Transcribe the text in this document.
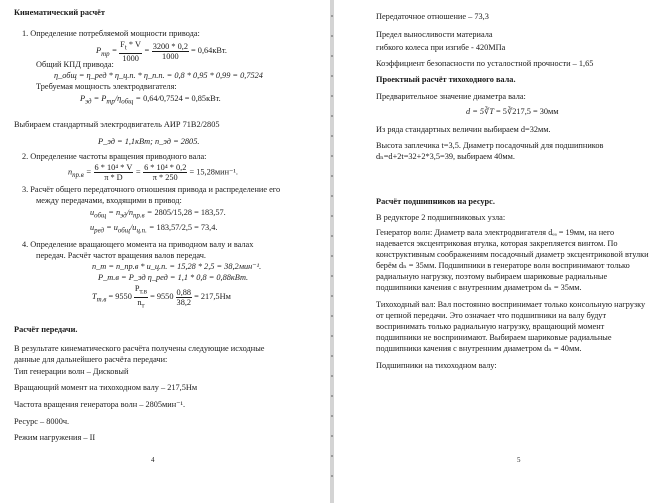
Кинематический расчёт
1. Определение потребляемой мощности привода:
$P_{тр} = \frac{F_t * V}{1000} = \frac{3200 * 0,2}{1000} = 0,64кВт$.
Общий КПД привода:
η_общ = η_ред * η_ц.п. * η_п.п. = 0,8 * 0,95 * 0,99 = 0,7524
Требуемая мощность электродвигателя:
$P_{эд} = P_{тр}/\eta_{общ} = 0,64/0,7524 = 0,85кВт$.
Выбираем стандартный электродвигатель АИР 71В2/2805
P_эд = 1,1кВт; n_эд = 2805.
2. Определение частоты вращения приводного вала:
$n_{пр.в} = \frac{\text{6 * 10⁴ * V}}{\pi * D} = \frac{\text{6 * 10⁴ * 0,2}}{\pi * 250} = 15,28мин^{-1}$.
3. Расчёт общего передаточного отношения привода и распределение его
между передачами, входящими в привод:
$u_{общ} = n_{эд}/n_{пр.в} = 2805/15,28 = 183,57$.
$u_{ред} = u_{общ}/u_{ц.п.} = 183,57/2,5 = 73,4$.
4. Определение вращающего момента на приводном валу и валах
передач. Расчёт частот вращения валов передач.
n_т = n_пр.в * u_ц.п. = 15,28 * 2,5 = 38,2мин⁻¹.
P_т.в = P_эд η_ред = 1,1 * 0,8 = 0,88кВт.
$T_{т.в} = 9550 \frac{P_{т.в}}{n_т} = 9550 \frac{0,88}{38,2} = 217,5Нм$
Расчёт передачи.
В результате кинематического расчёта получены следующие исходные
данные для дальнейшего расчёта передачи:
Тип генерации волн – Дисковый
Вращающий момент на тихоходном валу – 217,5Нм
Частота вращения генератора волн – 2805мин⁻¹.
Ресурс – 8000ч.
Режим нагружения – II
4
Передаточное отношение – 73,3
Предел выносливости материала
гибкого колеса при изгибе - 420МПа
Коэффициент безопасности по усталостной прочности – 1,65
Проектный расчёт тихоходного вала.
Предварительное значение диаметра вала:
d = 5∛T = 5∛217,5 = 30мм
Из ряда стандартных величин выбираем d=32мм.
Высота заплечика t=3,5. Диаметр посадочный для подшипников
dₙ=d+2t=32+2*3,5=39, выбираем 40мм.
Расчёт подшипников на ресурс.
В редукторе 2 подшипниковых узла:
Генератор волн: Диаметр вала электродвигателя dₑₐ = 19мм, на него
надевается эксцентриковая втулка, которая закрепляется винтом. По
конструктивным соображениям посадочный диаметр эксцентриковой втулки
берём dₙ = 35мм. Подшипники в генераторе волн воспринимают только
радиальную нагрузку, поэтому выбираем шариковые радиальные
подшипники качения с внутренним диаметром dₙ = 35мм.
Тихоходный вал: Вал постоянно воспринимает только консольную нагрузку
от цепной передачи. Это означает что подшипники на валу будут
воспринимать только радиальную нагрузку, вращающий момент
подшипники не воспринимают. Выбираем шариковые радиальные
подшипники качения с внутренним диаметром dₙ = 40мм.
Подшипники на тихоходном валу:
5
